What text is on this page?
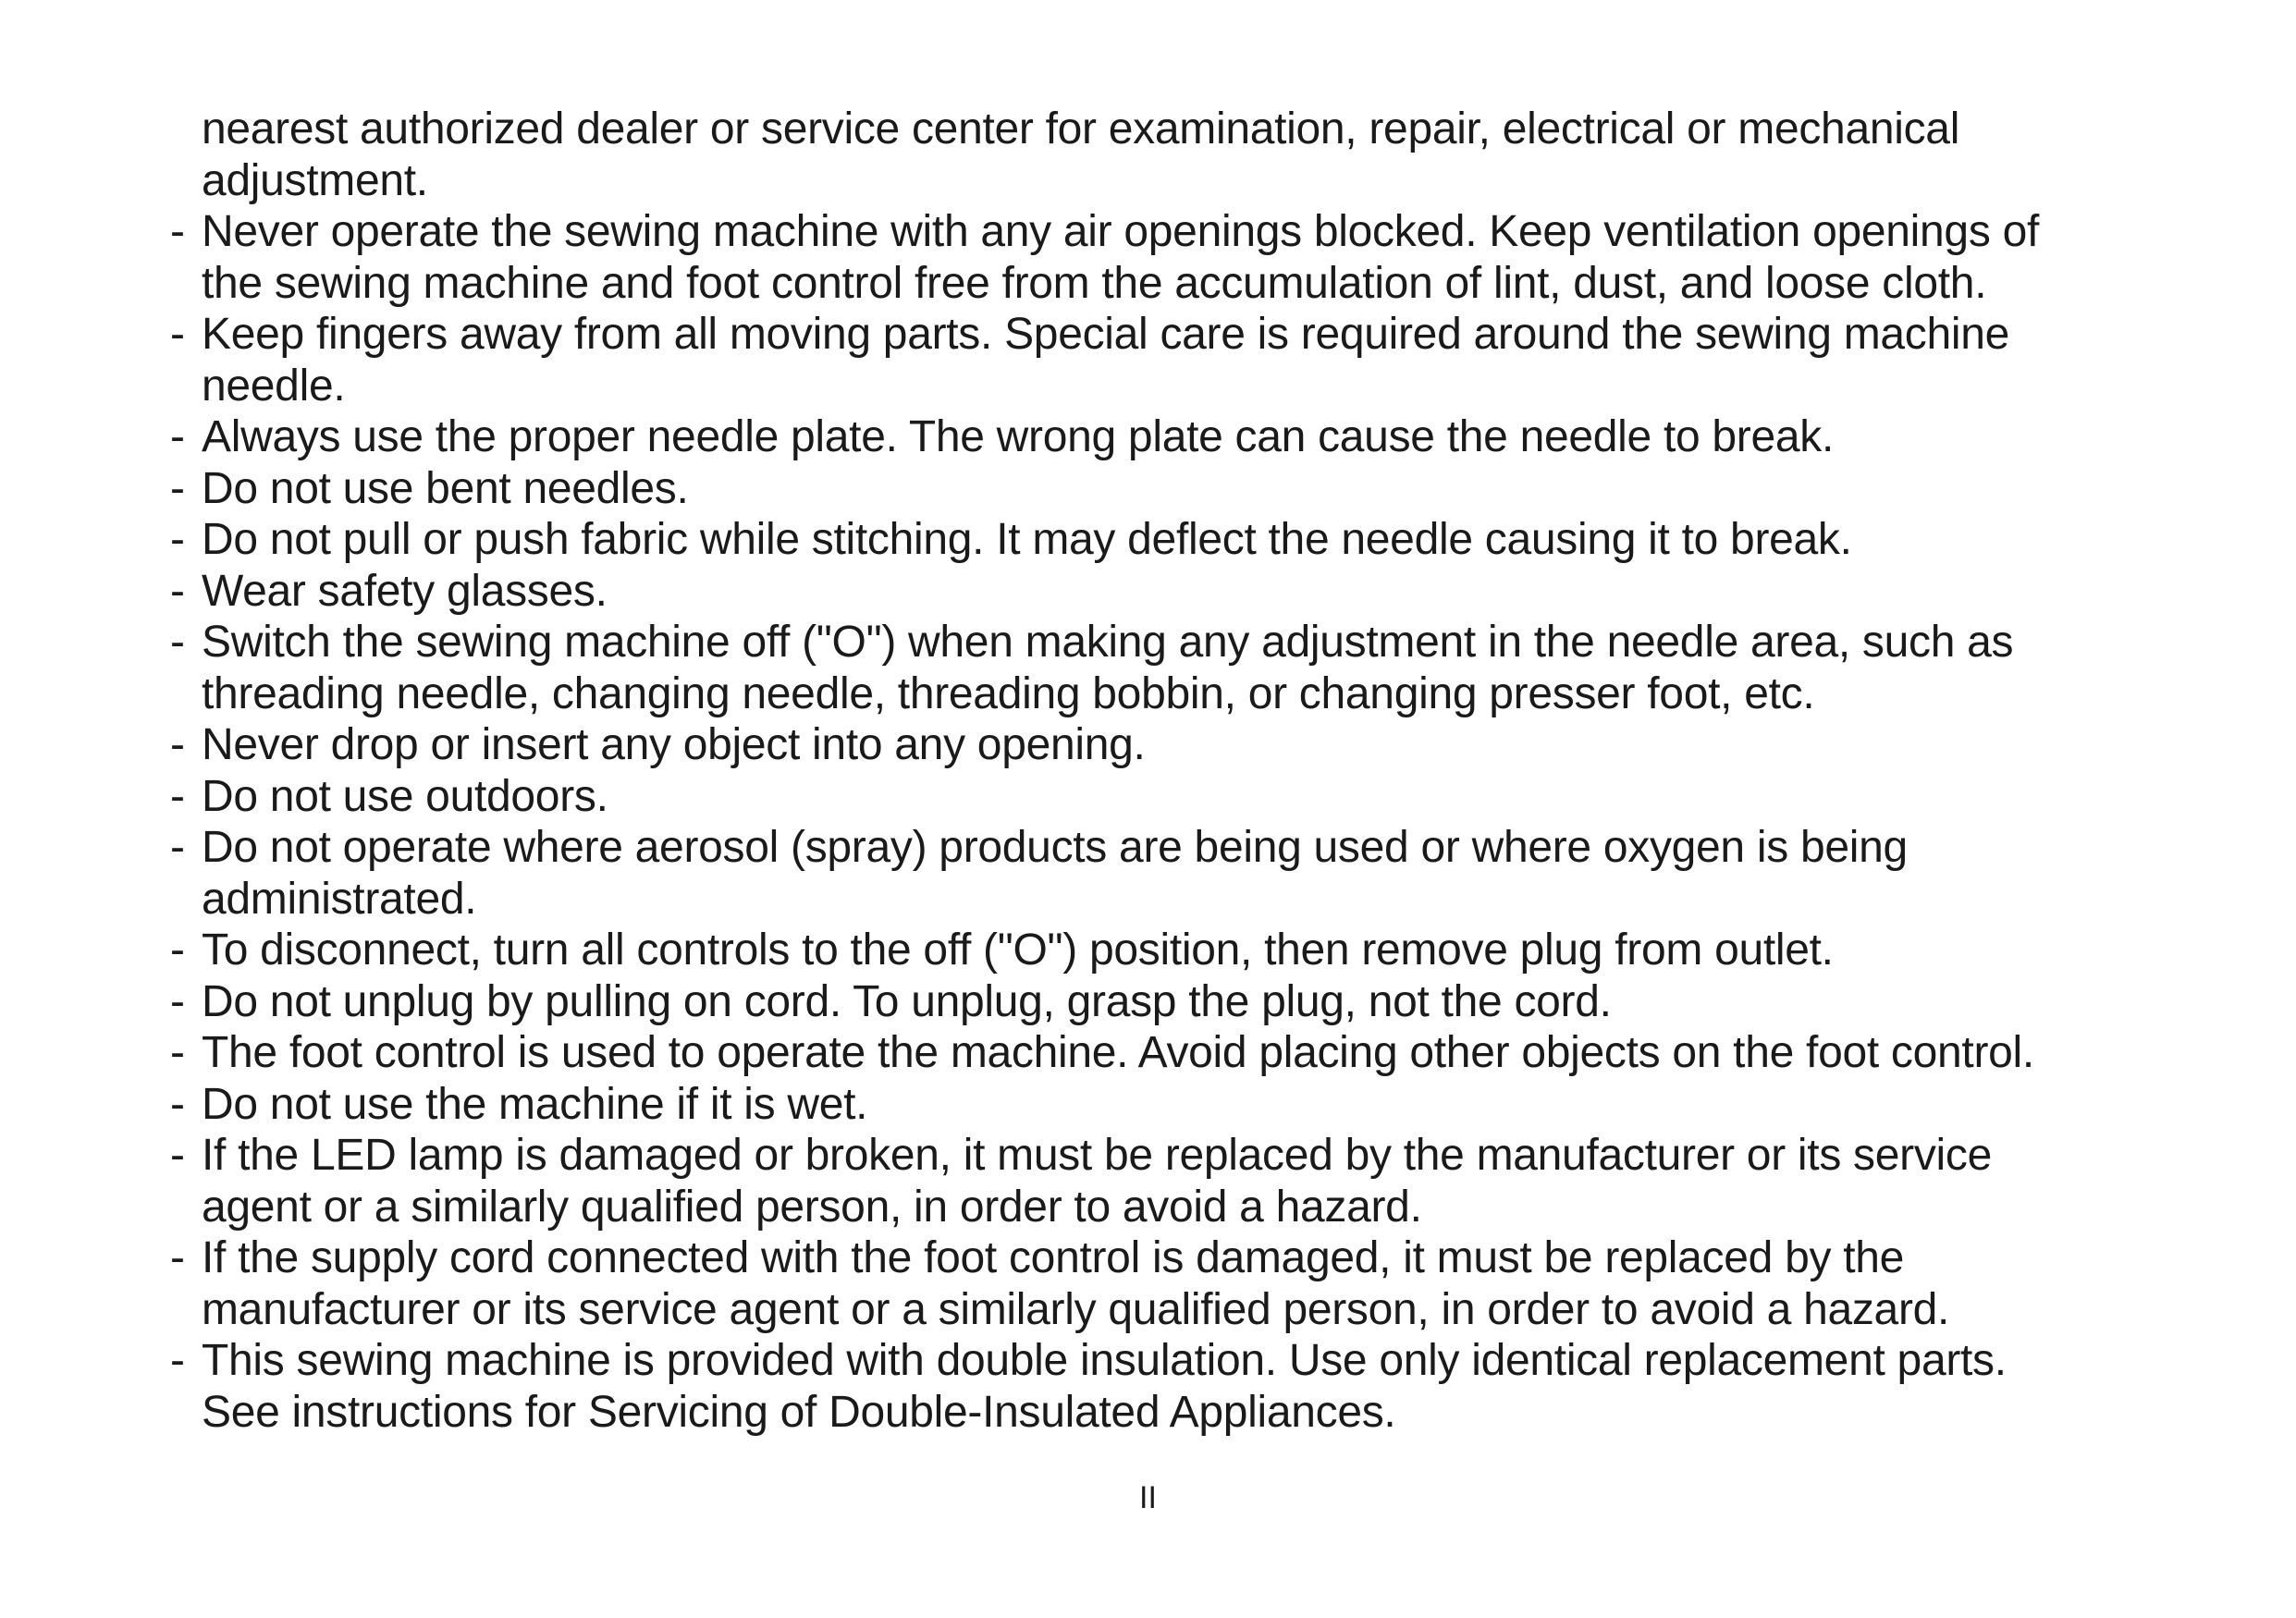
nearest authorized dealer or service center for examination, repair, electrical or mechanical
adjustment.
- Never operate the sewing machine with any air openings blocked. Keep ventilation openings of
the sewing machine and foot control free from the accumulation of lint, dust, and loose cloth.
- Keep fingers away from all moving parts. Special care is required around the sewing machine
needle.
- Always use the proper needle plate. The wrong plate can cause the needle to break.
- Do not use bent needles.
- Do not pull or push fabric while stitching. It may deflect the needle causing it to break.
- Wear safety glasses.
- Switch the sewing machine off ("O") when making any adjustment in the needle area, such as
threading needle, changing needle, threading bobbin, or changing presser foot, etc.
- Never drop or insert any object into any opening.
- Do not use outdoors.
- Do not operate where aerosol (spray) products are being used or where oxygen is being
administrated.
- To disconnect, turn all controls to the off ("O") position, then remove plug from outlet.
- Do not unplug by pulling on cord. To unplug, grasp the plug, not the cord.
- The foot control is used to operate the machine. Avoid placing other objects on the foot control.
- Do not use the machine if it is wet.
- If the LED lamp is damaged or broken, it must be replaced by the manufacturer or its service
agent or a similarly qualified person, in order to avoid a hazard.
- If the supply cord connected with the foot control is damaged, it must be replaced by the
manufacturer or its service agent or a similarly qualified person, in order to avoid a hazard.
- This sewing machine is provided with double insulation. Use only identical replacement parts.
See instructions for Servicing of Double-Insulated Appliances.
II
